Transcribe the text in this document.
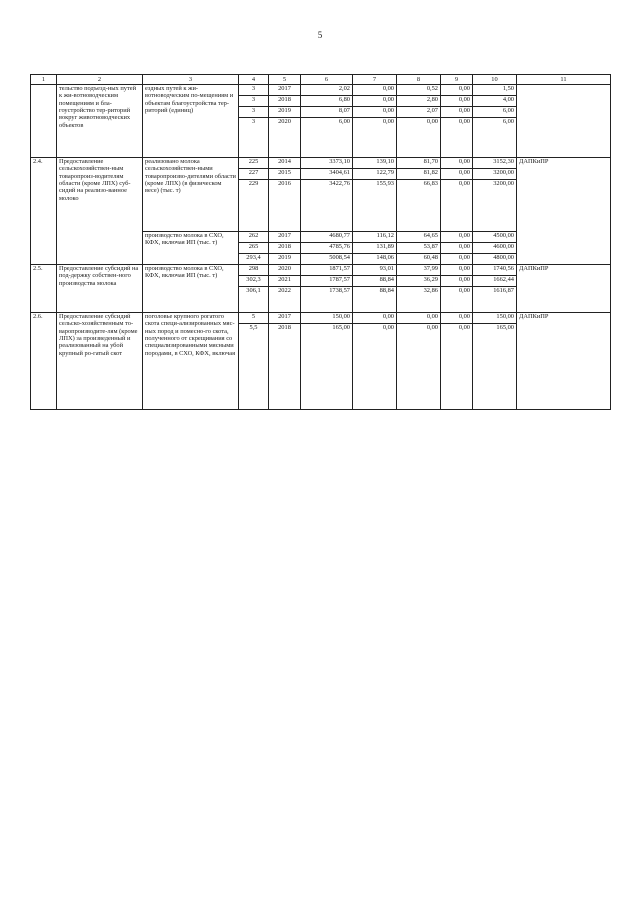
5
1	2	3	4	5	6	7	8	9	10	11
	тельство подъезд-ных путей к жи-вотноводческим помещениям и бла-гоустройство тер-риторий вокруг животноводческих объектов	ездных путей к жи-вотноводческим по-мещениям и объектам благоустройства тер-риторий (единиц)	3	2017	2,02	0,00	0,52	0,00	1,50	
			3	2018	6,80	0,00	2,80	0,00	4,00	
			3	2019	8,07	0,00	2,07	0,00	6,00	
			3	2020	6,00	0,00	0,00	0,00	6,00	
2.4.	Предоставление сельскохозяйствен-ным товаропроиз-водителям области (кроме ЛПХ) суб-сидий на реализо-ванное молоко	реализовано молока сельскохозяйствен-ными товаропроизво-дителями области (кроме ЛПХ) (в физическом весе) (тыс. т)	225	2014	3373,10	139,10	81,70	0,00	3152,30	ДАПКиПР
			227	2015	3404,61	122,79	81,82	0,00	3200,00	
			229	2016	3422,76	155,93	66,83	0,00	3200,00	
		производство молока в СХО, КФХ, включая ИП (тыс. т)	262	2017	4680,77	116,12	64,65	0,00	4500,00	
			265	2018	4785,76	131,89	53,87	0,00	4600,00	
			293,4	2019	5008,54	148,06	60,48	0,00	4800,00	
2.5.	Предоставление субсидий на под-держку собствен-ного производства молока	производство молока в СХО, КФХ, включая ИП (тыс. т)	298	2020	1871,57	93,01	37,99	0,00	1740,56	ДАПКиПР
			302,3	2021	1787,57	88,84	36,29	0,00	1662,44	
			306,1	2022	1738,57	88,84	32,86	0,00	1616,87	
2.6.	Предоставление субсидий сельско-хозяйственным то-варопроизводите-лям (кроме ЛПХ) за произведенный и реализованный на убой крупный ро-гатый скот	поголовье крупного рогатого скота специ-ализированных мяс-ных пород и помесно-го скота, полученного от скрещивания со специализированными мясными породами, в СХО, КФХ, включая	5	2017	150,00	0,00	0,00	0,00	150,00	ДАПКиПР
			5,5	2018	165,00	0,00	0,00	0,00	165,00	
